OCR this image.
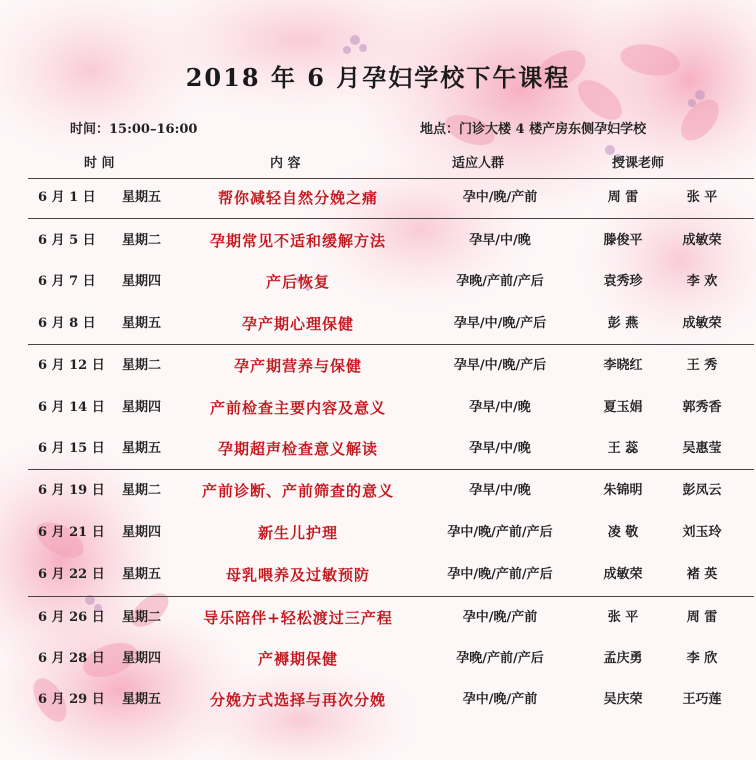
2018 年 6 月孕妇学校下午课程
时间：15:00–16:00	地点：门诊大楼 4 楼产房东侧孕妇学校
时 间	内 容	适应人群	授课老师
6 月 1 日 星期五	帮你减轻自然分娩之痛	孕中/晚/产前	周 雷	张 平
6 月 5 日 星期二	孕期常见不适和缓解方法	孕早/中/晚	滕俊平	成敏荣
6 月 7 日 星期四	产后恢复	孕晚/产前/产后	袁秀珍	李 欢
6 月 8 日 星期五	孕产期心理保健	孕早/中/晚/产后	彭 燕	成敏荣
6 月 12 日 星期二	孕产期营养与保健	孕早/中/晚/产后	李晓红	王 秀
6 月 14 日 星期四	产前检查主要内容及意义	孕早/中/晚	夏玉娟	郭秀香
6 月 15 日 星期五	孕期超声检查意义解读	孕早/中/晚	王 蕊	吴惠莹
6 月 19 日 星期二	产前诊断、产前筛查的意义	孕早/中/晚	朱锦明	彭凤云
6 月 21 日 星期四	新生儿护理	孕中/晚/产前/产后	凌 敬	刘玉玲
6 月 22 日 星期五	母乳喂养及过敏预防	孕中/晚/产前/产后	成敏荣	褚 英
6 月 26 日 星期二	导乐陪伴+轻松渡过三产程	孕中/晚/产前	张 平	周 雷
6 月 28 日 星期四	产褥期保健	孕晚/产前/产后	孟庆勇	李 欣
6 月 29 日 星期五	分娩方式选择与再次分娩	孕中/晚/产前	吴庆荣	王巧莲
